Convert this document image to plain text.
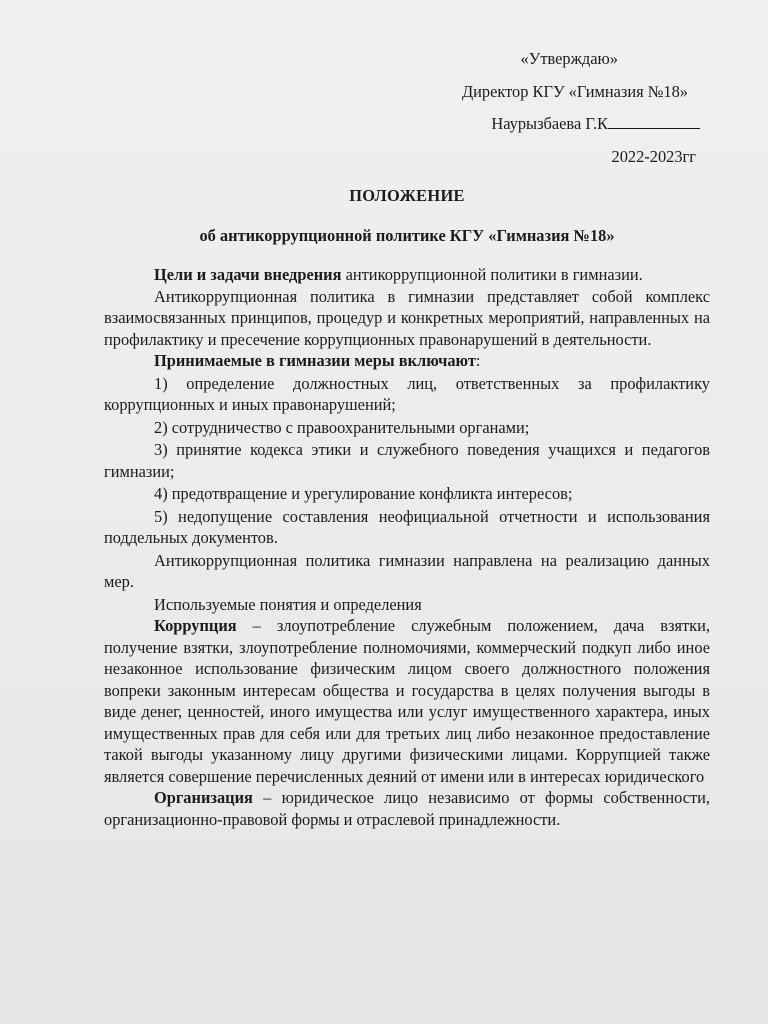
«Утверждаю»
Директор КГУ «Гимназия №18»
Наурызбаева Г.К
2022-2023гг
ПОЛОЖЕНИЕ
об антикоррупционной политике КГУ «Гимназия №18»

Цели и задачи внедрения антикоррупционной политики в гимназии.

Антикоррупционная политика в гимназии представляет собой комплекс взаимосвязанных принципов, процедур и конкретных мероприятий, направленных на профилактику и пресечение коррупционных правонарушений в деятельности.

Принимаемые в гимназии меры включают:

1) определение должностных лиц, ответственных за профилактику коррупционных и иных правонарушений;

2) сотрудничество с правоохранительными органами;

3) принятие кодекса этики и служебного поведения учащихся и педагогов гимназии;

4) предотвращение и урегулирование конфликта интересов;

5) недопущение составления неофициальной отчетности и использования поддельных документов.

Антикоррупционная политика гимназии направлена на реализацию данных мер.

Используемые понятия и определения

Коррупция – злоупотребление служебным положением, дача взятки, получение взятки, злоупотребление полномочиями, коммерческий подкуп либо иное незаконное использование физическим лицом своего должностного положения вопреки законным интересам общества и государства в целях получения выгоды в виде денег, ценностей, иного имущества или услуг имущественного характера, иных имущественных прав для себя или для третьих лиц либо незаконное предоставление такой выгоды указанному лицу другими физическими лицами. Коррупцией также является совершение перечисленных деяний от имени или в интересах юридического

Организация – юридическое лицо независимо от формы собственности, организационно-правовой формы и отраслевой принадлежности.
